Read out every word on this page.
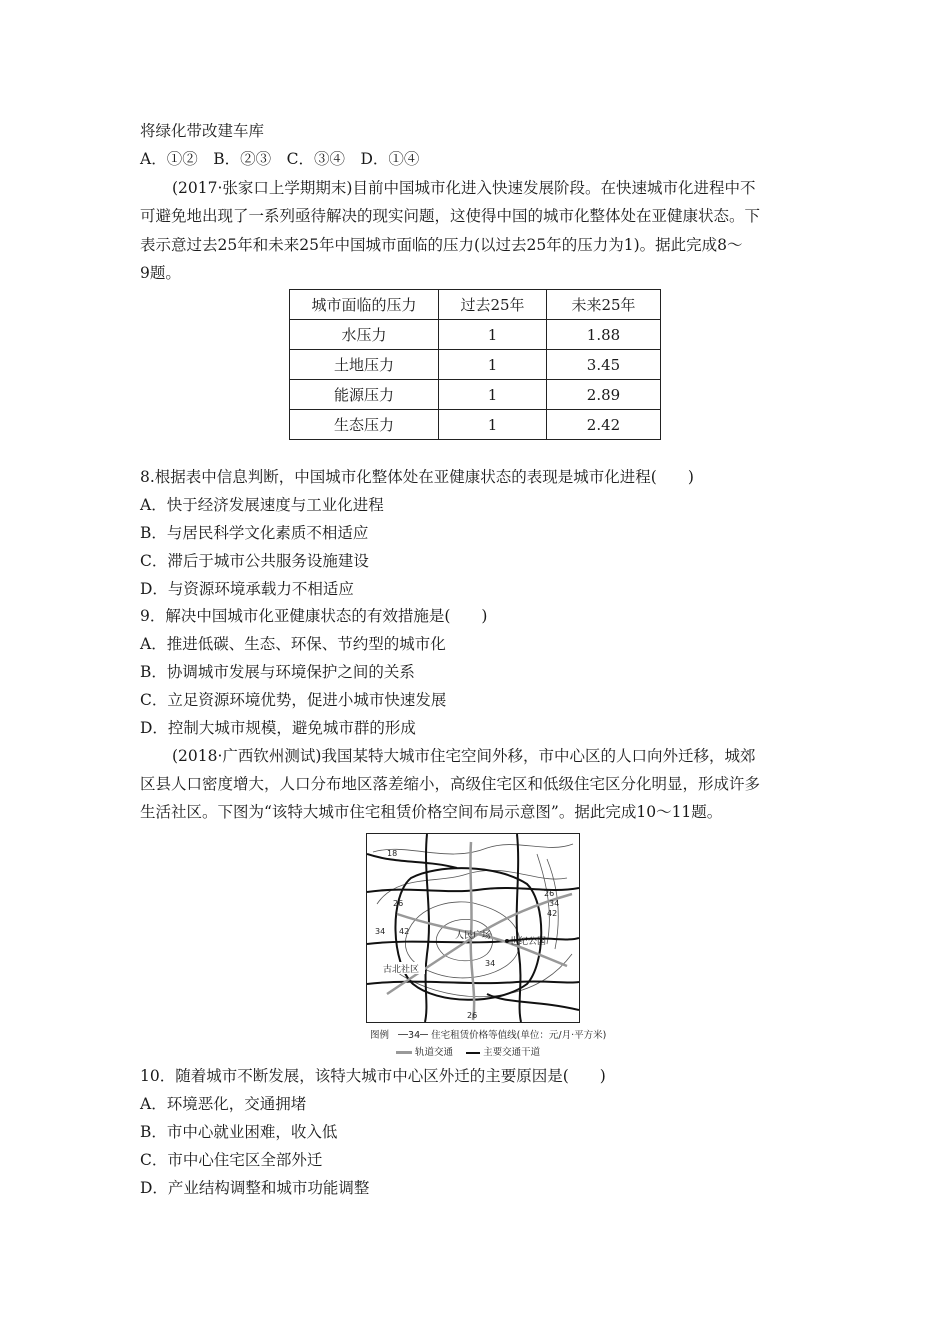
将绿化带改建车库
A．①②　B．②③　C．③④　D．①④
(2017·张家口上学期期末)目前中国城市化进入快速发展阶段。在快速城市化进程中不
可避免地出现了一系列亟待解决的现实问题，这使得中国的城市化整体处在亚健康状态。下
表示意过去25年和未来25年中国城市面临的压力(以过去25年的压力为1)。据此完成8～
9题。
城市面临的压力	过去25年	未来25年
水压力	1	1.88
土地压力	1	3.45
能源压力	1	2.89
生态压力	1	2.42
8.根据表中信息判断，中国城市化整体处在亚健康状态的表现是城市化进程(　　)
A．快于经济发展速度与工业化进程
B．与居民科学文化素质不相适应
C．滞后于城市公共服务设施建设
D．与资源环境承载力不相适应
9．解决中国城市化亚健康状态的有效措施是(　　)
A．推进低碳、生态、环保、节约型的城市化
B．协调城市发展与环境保护之间的关系
C．立足资源环境优势，促进小城市快速发展
D．控制大城市规模，避免城市群的形成
(2018·广西钦州测试)我国某特大城市住宅空间外移，市中心区的人口向外迁移，城郊
区县人口密度增大，人口分布地区落差缩小，高级住宅区和低级住宅区分化明显，形成许多
生活社区。下图为“该特大城市住宅租赁价格空间布局示意图”。据此完成10～11题。
18
26
34
42
26
34 42
34
26
人民广场
世纪公园
古北社区
图例 34 住宅租赁价格等值线(单位：元/月·平方米)
轨道交通	主要交通干道
10．随着城市不断发展，该特大城市中心区外迁的主要原因是(　　)
A．环境恶化，交通拥堵
B．市中心就业困难，收入低
C．市中心住宅区全部外迁
D．产业结构调整和城市功能调整
